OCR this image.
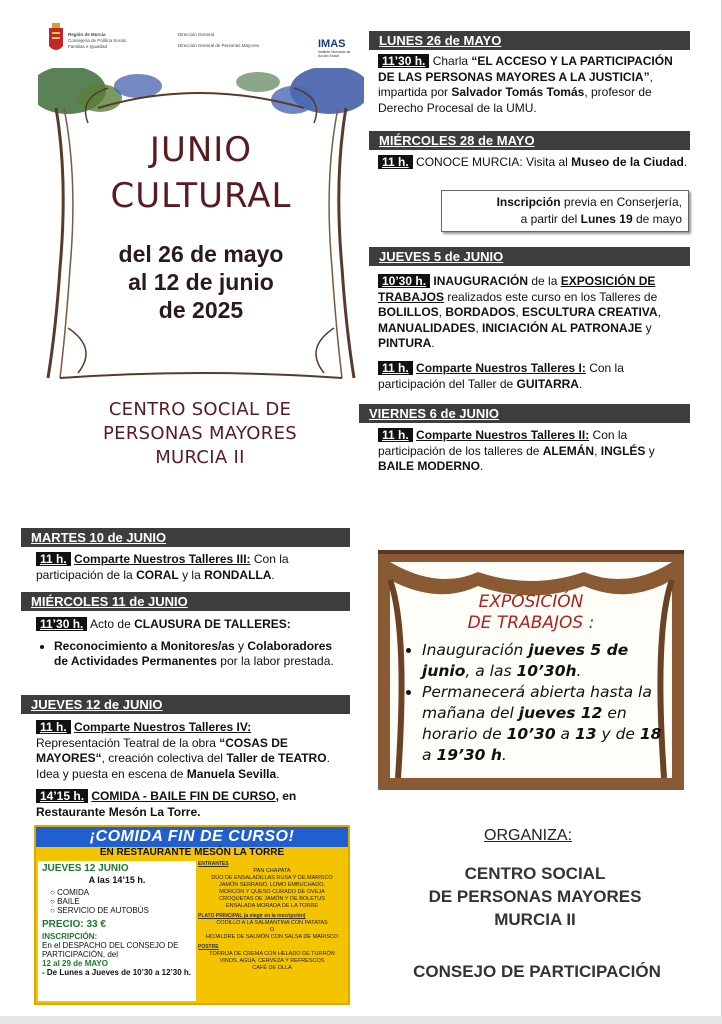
Región de Murcia
Consejería de Política Social,
Familias e Igualdad
Dirección General
Dirección General de Personas Mayores	IMAS
Instituto Murciano de Acción Social
JUNIO
CULTURAL
del 26 de mayo
al 12 de junio
de 2025
CENTRO SOCIAL DE
PERSONAS MAYORES
MURCIA II
LUNES 26 de MAYO
11’30 h. Charla “EL ACCESO Y LA PARTICIPACIÓN DE LAS PERSONAS MAYORES A LA JUSTICIA”, impartida por Salvador Tomás Tomás, profesor de Derecho Procesal de la UMU.
MIÉRCOLES 28 de MAYO
11 h. CONOCE MURCIA: Visita al Museo de la Ciudad.
Inscripción previa en Conserjería,
a partir del Lunes 19 de mayo
JUEVES 5 de JUNIO
10’30 h. INAUGURACIÓN de la EXPOSICIÓN DE TRABAJOS realizados este curso en los Talleres de BOLILLOS, BORDADOS, ESCULTURA CREATIVA, MANUALIDADES, INICIACIÓN AL PATRONAJE y PINTURA.
11 h. Comparte Nuestros Talleres I: Con la participación del Taller de GUITARRA.
VIERNES 6 de JUNIO
11 h. Comparte Nuestros Talleres II: Con la participación de los talleres de ALEMÁN, INGLÉS y BAILE MODERNO.
MARTES 10 de JUNIO
11 h. Comparte Nuestros Talleres III: Con la participación de la CORAL y la RONDALLA.
MIÉRCOLES 11 de JUNIO
11’30 h. Acto de CLAUSURA DE TALLERES:
• Reconocimiento a Monitores/as y Colaboradores de Actividades Permanentes por la labor prestada.
JUEVES 12 de JUNIO
11 h. Comparte Nuestros Talleres IV:
Representación Teatral de la obra “COSAS DE MAYORES“, creación colectiva del Taller de TEATRO. Idea y puesta en escena de Manuela Sevilla.
14’15 h. COMIDA - BAILE FIN DE CURSO, en Restaurante Mesón La Torre.
EXPOSICIÓN
DE TRABAJOS :
• Inauguración jueves 5 de junio, a las 10’30h.
• Permanecerá abierta hasta la mañana del jueves 12 en horario de 10’30 a 13 y de 18 a 19’30 h.
¡COMIDA FIN DE CURSO!
EN RESTAURANTE MESÓN LA TORRE
JUEVES 12 JUNIO
A las 14’15 h.
○ COMIDA
○ BAILE
○ SERVICIO DE AUTOBÚS
PRECIO: 33 €
INSCRIPCIÓN:
En el DESPACHO DEL CONSEJO DE PARTICIPACIÓN, del
12 al 29 de MAYO
- De Lunes a Jueves de 10’30 a 12’30 h.
ENTRANTES
PAN CHAPATA
DÚO DE ENSALADILLAS RUSA Y DE MARISCO
JAMÓN SERRANO, LOMO EMBUCHADO,
MORCÓN Y QUESO CURADO DE OVEJA
CROQUETAS DE JAMÓN Y DE BOLETUS
ENSALADA MORADA DE LA TORRE
PLATO PRINCIPAL (a elegir en la inscripción)
CODILLO A LA SALMANTINA CON PATATAS
O
HOJALDRE DE SALMÓN CON SALSA DE MARISCO
POSTRE
TORRIJA DE CREMA CON HELADO DE TURRÓN
VINOS, AGUA, CERVEZA Y REFRESCOS
CAFÉ DE OLLA
ORGANIZA:
CENTRO SOCIAL
DE PERSONAS MAYORES
MURCIA II
CONSEJO DE PARTICIPACIÓN
